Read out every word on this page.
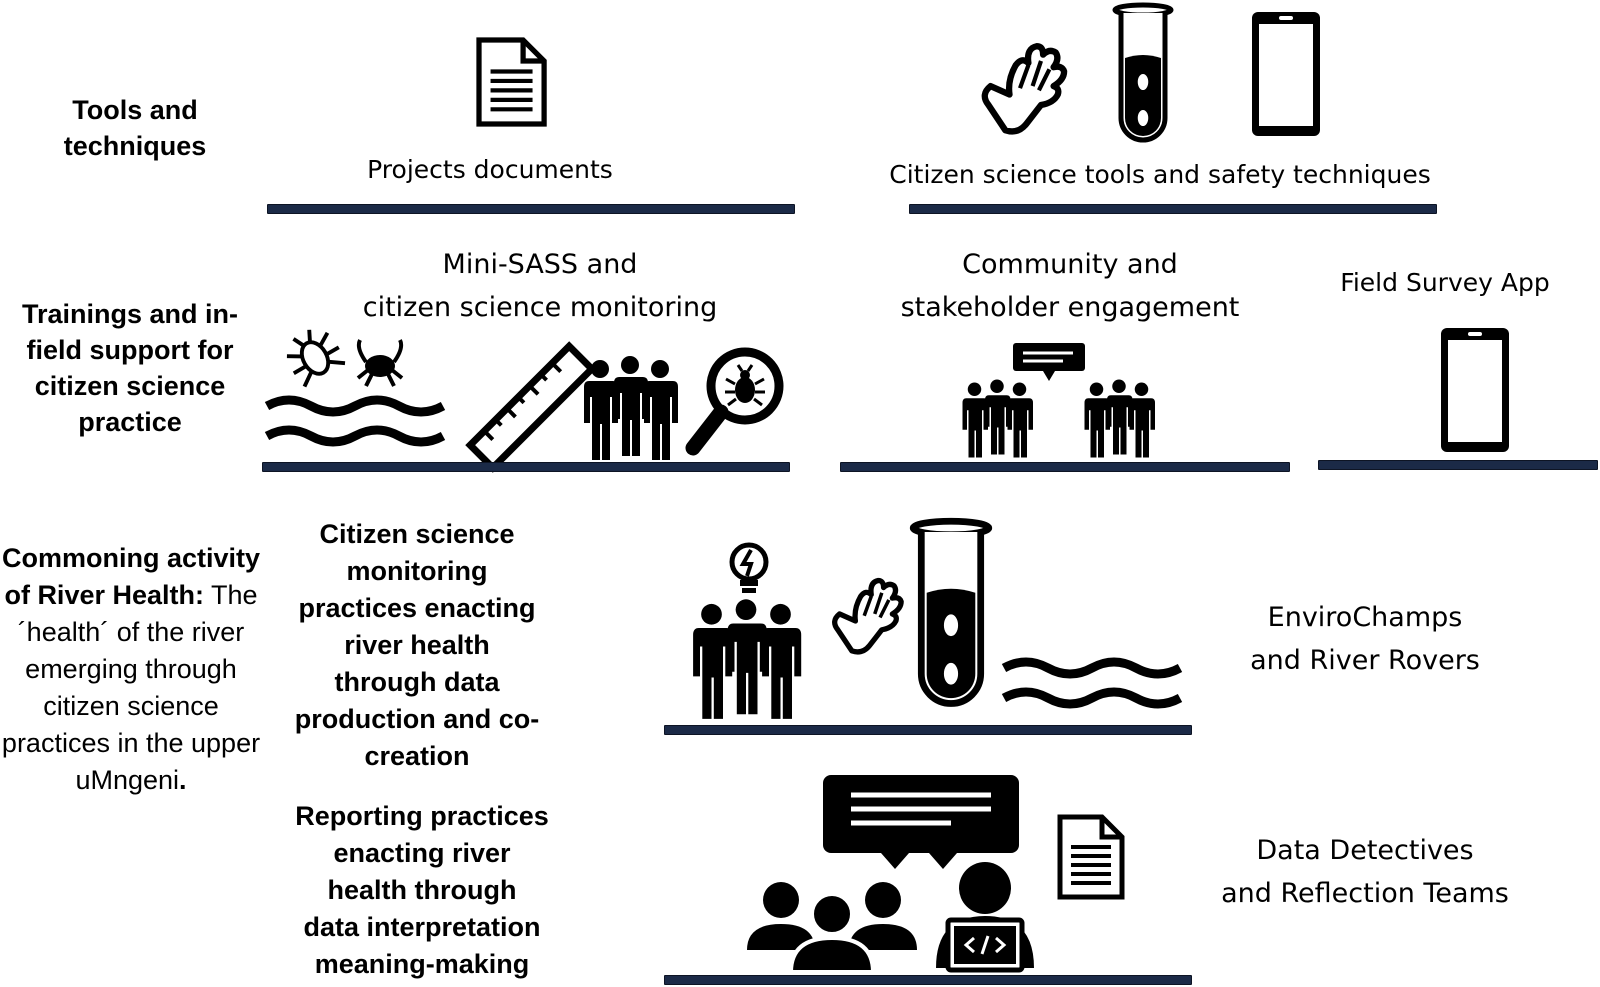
Tools and
techniques
Projects documents	Citizen science tools and safety techniques
Trainings and in-
field support for
citizen science
practice
Mini-SASS and
citizen science monitoring
Community and
stakeholder engagement
Field Survey App
Commoning activity of River Health: The ´health´ of the river emerging through citizen science practices in the upper uMngeni.
Citizen science
monitoring
practices enacting
river health
through data
production and co-
creation
EnviroChamps
and River Rovers
Reporting practices
enacting river
health through
data interpretation
meaning-making
Data Detectives
and Reflection Teams
